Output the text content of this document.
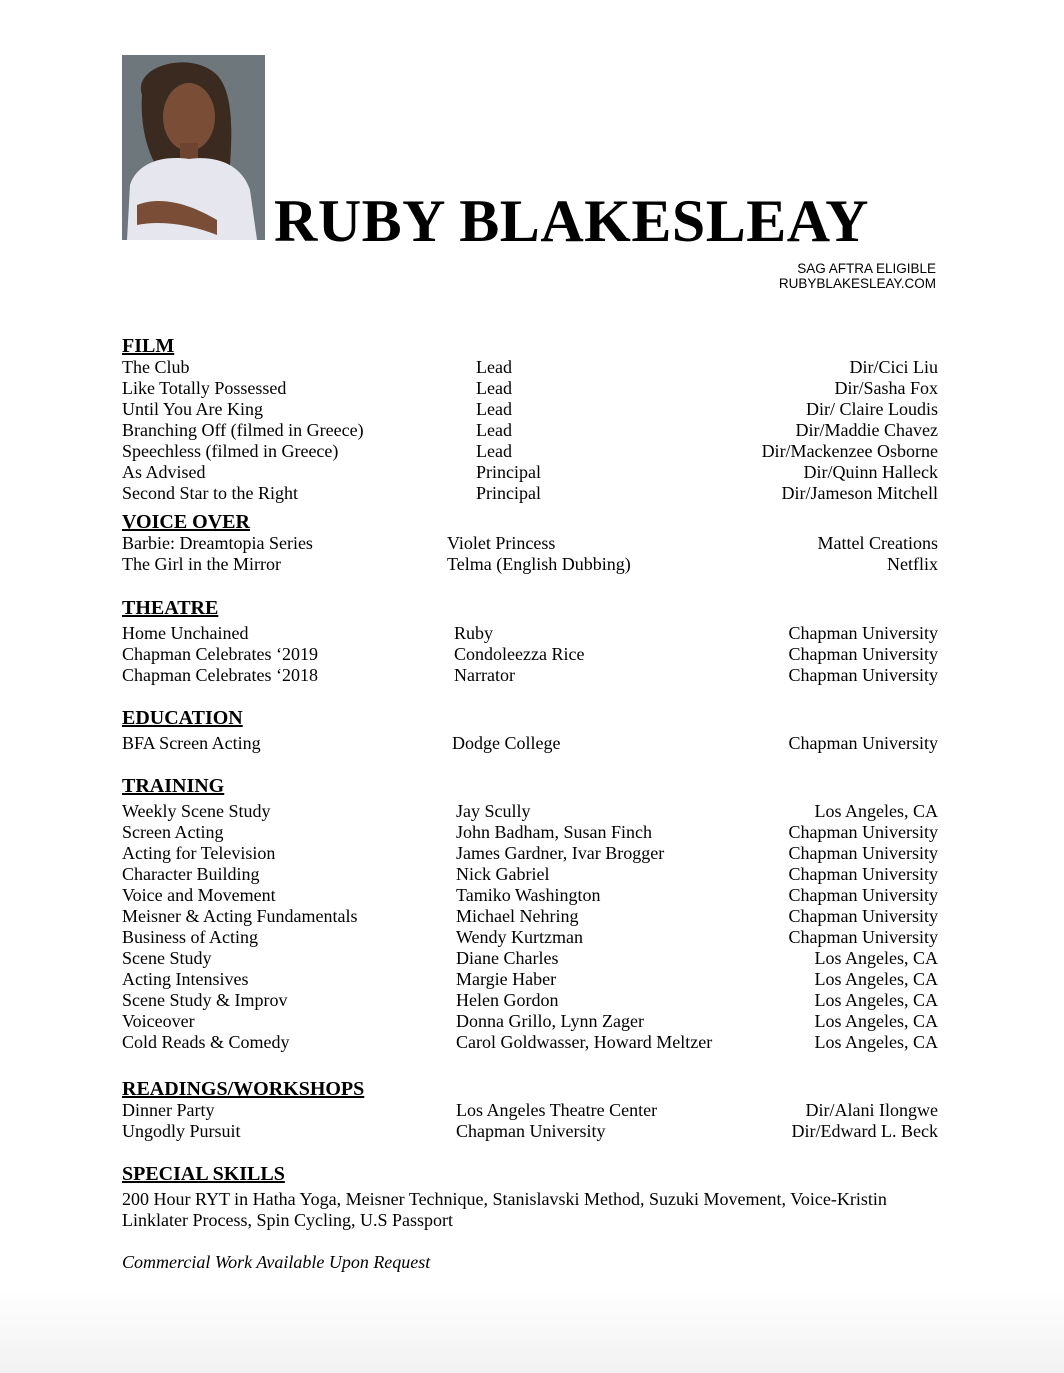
RUBY BLAKESLEAY
SAG AFTRA ELIGIBLE
RUBYBLAKESLEAY.COM
FILM
The Club	Lead	Dir/Cici Liu
Like Totally Possessed	Lead	Dir/Sasha Fox
Until You Are King	Lead	Dir/ Claire Loudis
Branching Off (filmed in Greece)	Lead	Dir/Maddie Chavez
Speechless (filmed in Greece)	Lead	Dir/Mackenzee Osborne
As Advised	Principal	Dir/Quinn Halleck
Second Star to the Right	Principal	Dir/Jameson Mitchell
VOICE OVER
Barbie: Dreamtopia Series	Violet Princess	Mattel Creations
The Girl in the Mirror	Telma (English Dubbing)	Netflix
THEATRE
Home Unchained	Ruby	Chapman University
Chapman Celebrates ‘2019	Condoleezza Rice	Chapman University
Chapman Celebrates ‘2018	Narrator	Chapman University
EDUCATION
BFA Screen Acting	Dodge College	Chapman University
TRAINING
Weekly Scene Study	Jay Scully	Los Angeles, CA
Screen Acting	John Badham, Susan Finch	Chapman University
Acting for Television	James Gardner, Ivar Brogger	Chapman University
Character Building	Nick Gabriel	Chapman University
Voice and Movement	Tamiko Washington	Chapman University
Meisner & Acting Fundamentals	Michael Nehring	Chapman University
Business of Acting	Wendy Kurtzman	Chapman University
Scene Study	Diane Charles	Los Angeles, CA
Acting Intensives	Margie Haber	Los Angeles, CA
Scene Study & Improv	Helen Gordon	Los Angeles, CA
Voiceover	Donna Grillo, Lynn Zager	Los Angeles, CA
Cold Reads & Comedy	Carol Goldwasser, Howard Meltzer	Los Angeles, CA
READINGS/WORKSHOPS
Dinner Party	Los Angeles Theatre Center	Dir/Alani Ilongwe
Ungodly Pursuit	Chapman University	Dir/Edward L. Beck
SPECIAL SKILLS
200 Hour RYT in Hatha Yoga, Meisner Technique, Stanislavski Method, Suzuki Movement, Voice-Kristin Linklater Process, Spin Cycling, U.S Passport
Commercial Work Available Upon Request
